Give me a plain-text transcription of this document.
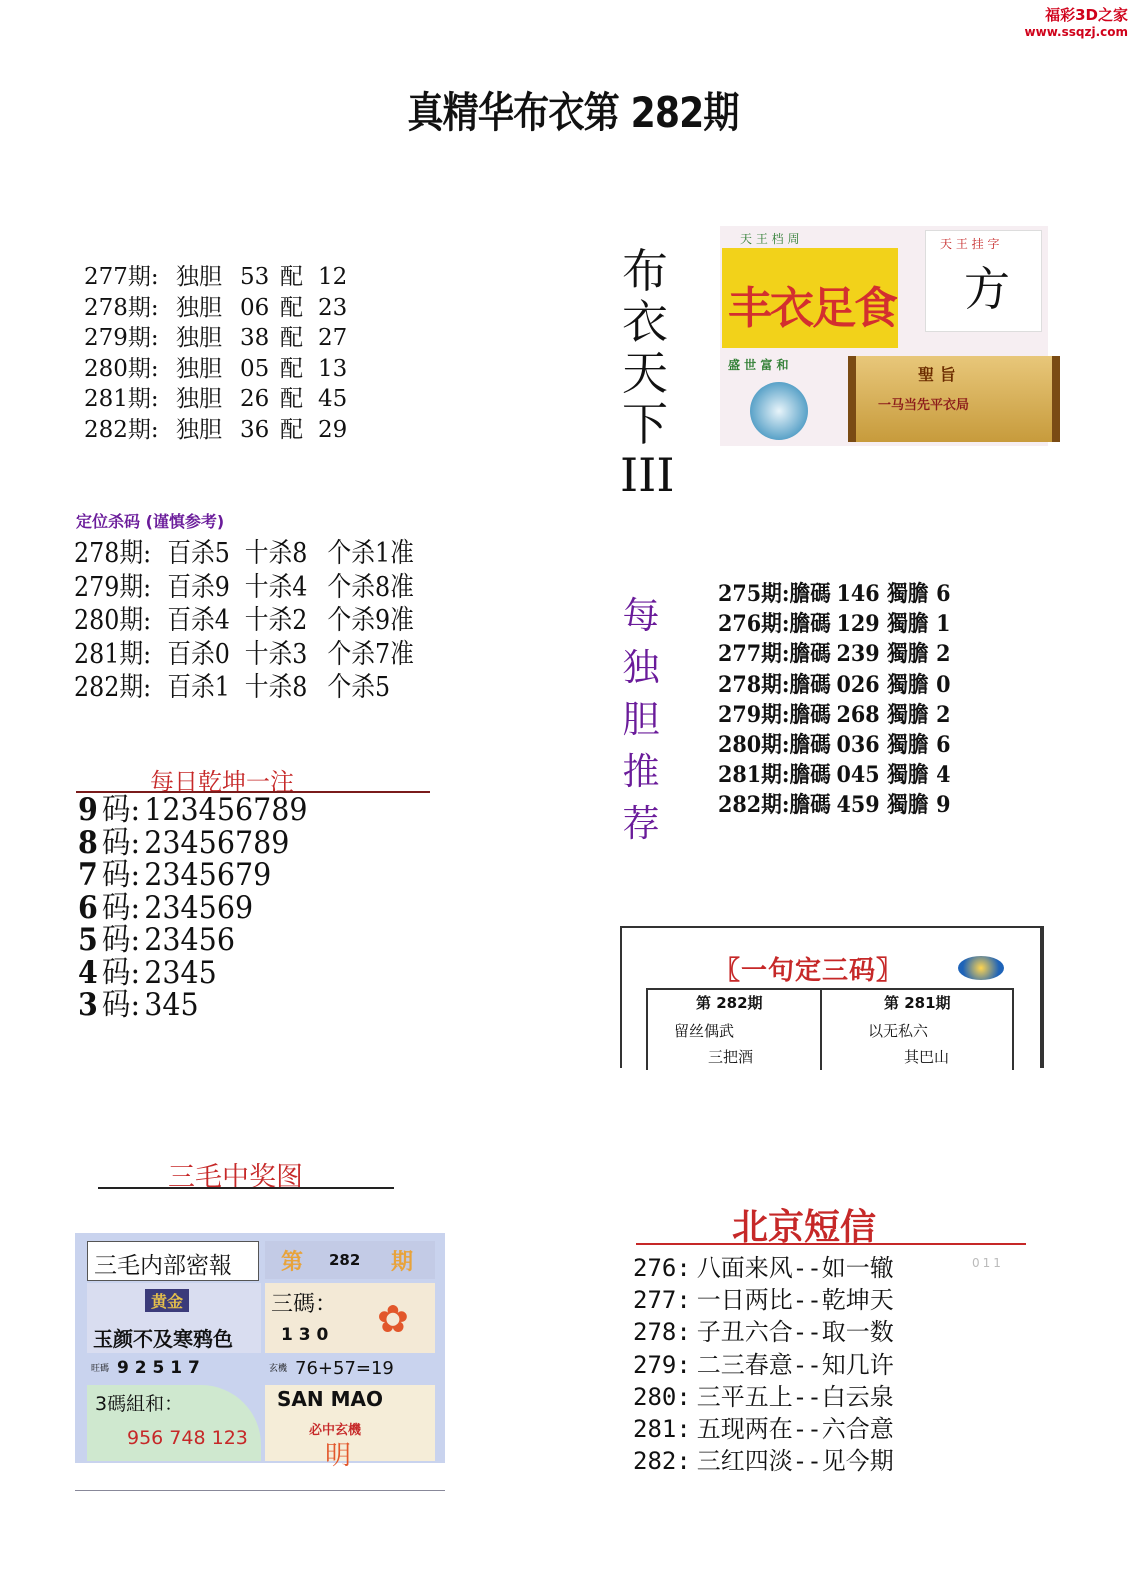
福彩3D之家
www.ssqzj.com
真精华布衣第 282期
277期: 独胆 53 配 12
278期: 独胆 06 配 23
279期: 独胆 38 配 27
280期: 独胆 05 配 13
281期: 独胆 26 配 45
282期: 独胆 36 配 29
定位杀码 (谨慎参考)
278期: 百杀5 十杀8 个杀1准
279期: 百杀9 十杀4 个杀8准
280期: 百杀4 十杀2 个杀9准
281期: 百杀0 十杀3 个杀7准
282期: 百杀1 十杀8 个杀5
每日乾坤一注
9 码: 123456789
8 码: 23456789
7 码: 2345679
6 码: 234569
5 码: 23456
4 码: 2345
3 码: 345
布
衣
天
下
III
天 王 档 周
丰衣足食
天 王 挂 字
方
盛 世 富 和	聖 旨
一马当先平衣局
每
独
胆
推
荐
275期:膽碼 146 獨膽 6
276期:膽碼 129 獨膽 1
277期:膽碼 239 獨膽 2
278期:膽碼 026 獨膽 0
279期:膽碼 268 獨膽 2
280期:膽碼 036 獨膽 6
281期:膽碼 045 獨膽 4
282期:膽碼 459 獨膽 9
〖一句定三码〗
第 282期
留丝偶武
三把酒
第 281期
以无私六
其巴山
三毛中奖图
三毛内部密報 第 282 期
黄金
玉颜不及寒鸦色
三碼：
1 3 0 ✿
旺碼 9 2 5 1 7	玄機 76+57=19
3碼組和：
956 748 123
SAN MAO
必中玄機
明
北京短信
011
276: 八面来风--如一辙
277: 一日两比--乾坤天
278: 子丑六合--取一数
279: 二三春意--知几许
280: 三平五上--白云泉
281: 五现两在--六合意
282: 三红四淡--见今期
